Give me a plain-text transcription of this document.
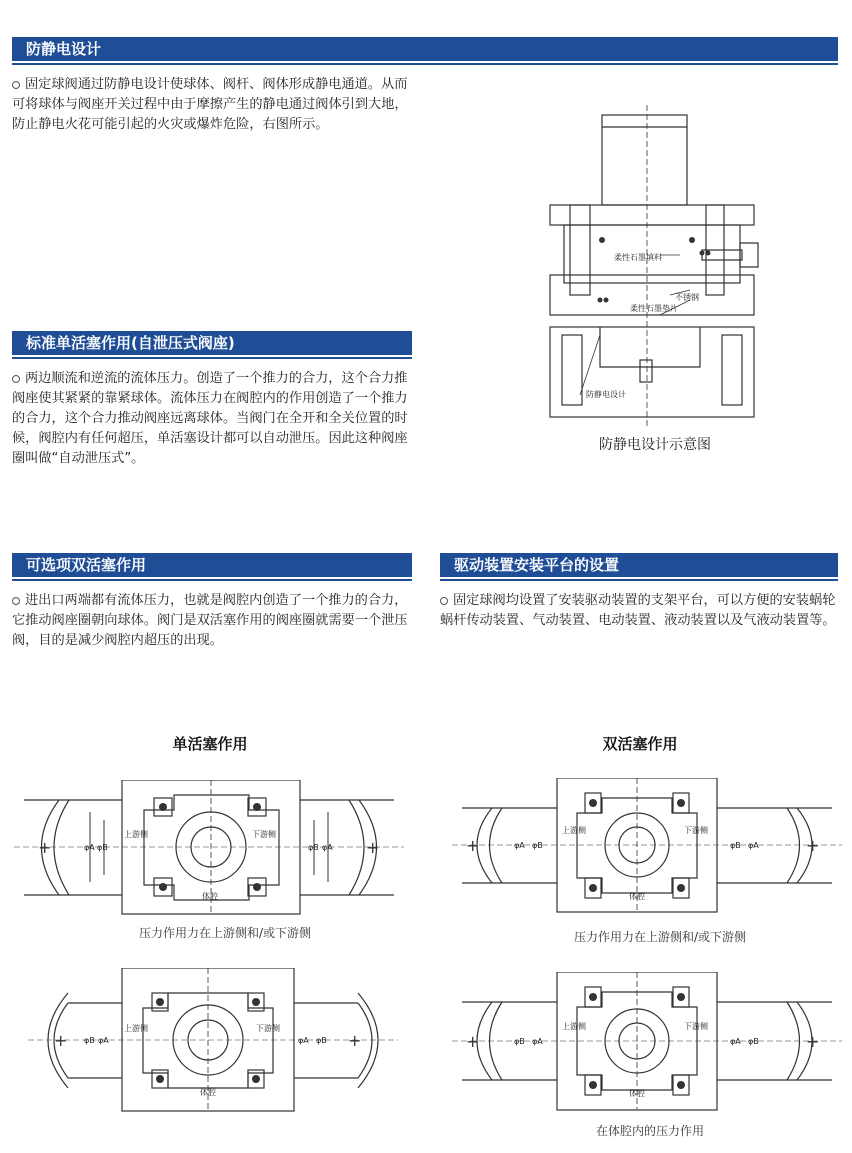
防静电设计
固定球阀通过防静电设计使球体、阀杆、阀体形成静电通道。从而可将球体与阀座开关过程中由于摩擦产生的静电通过阀体引到大地，防止静电火花可能引起的火灾或爆炸危险，右图所示。
标准单活塞作用(自泄压式阀座)
两边顺流和逆流的流体压力。创造了一个推力的合力，这个合力推阀座使其紧紧的靠紧球体。流体压力在阀腔内的作用创造了一个推力的合力，这个合力推动阀座远离球体。当阀门在全开和全关位置的时候，阀腔内有任何超压，单活塞设计都可以自动泄压。因此这种阀座圈叫做“自动泄压式”。
柔性石墨填料
不锈钢
柔性石墨垫片
防静电设计
防静电设计示意图
可选项双活塞作用
进出口两端都有流体压力，也就是阀腔内创造了一个推力的合力，它推动阀座圈朝向球体。阀门是双活塞作用的阀座圈就需要一个泄压阀，目的是减少阀腔内超压的出现。
驱动装置安装平台的设置
固定球阀均设置了安装驱动装置的支架平台，可以方便的安装蜗轮蜗杆传动装置、气动装置、电动装置、液动装置以及气液动装置等。
单活塞作用	双活塞作用
+	+
上游侧	下游侧
体腔
φA φB	φB φA
压力作用力在上游侧和/或下游侧
+	+
上游侧	下游侧
体腔
φA φB	φB φA
压力作用力在上游侧和/或下游侧
+	+
上游侧	下游侧
体腔
φB φA	φA φB	+	+
上游侧	下游侧
体腔
φB φA	φA φB
在体腔内的压力作用
